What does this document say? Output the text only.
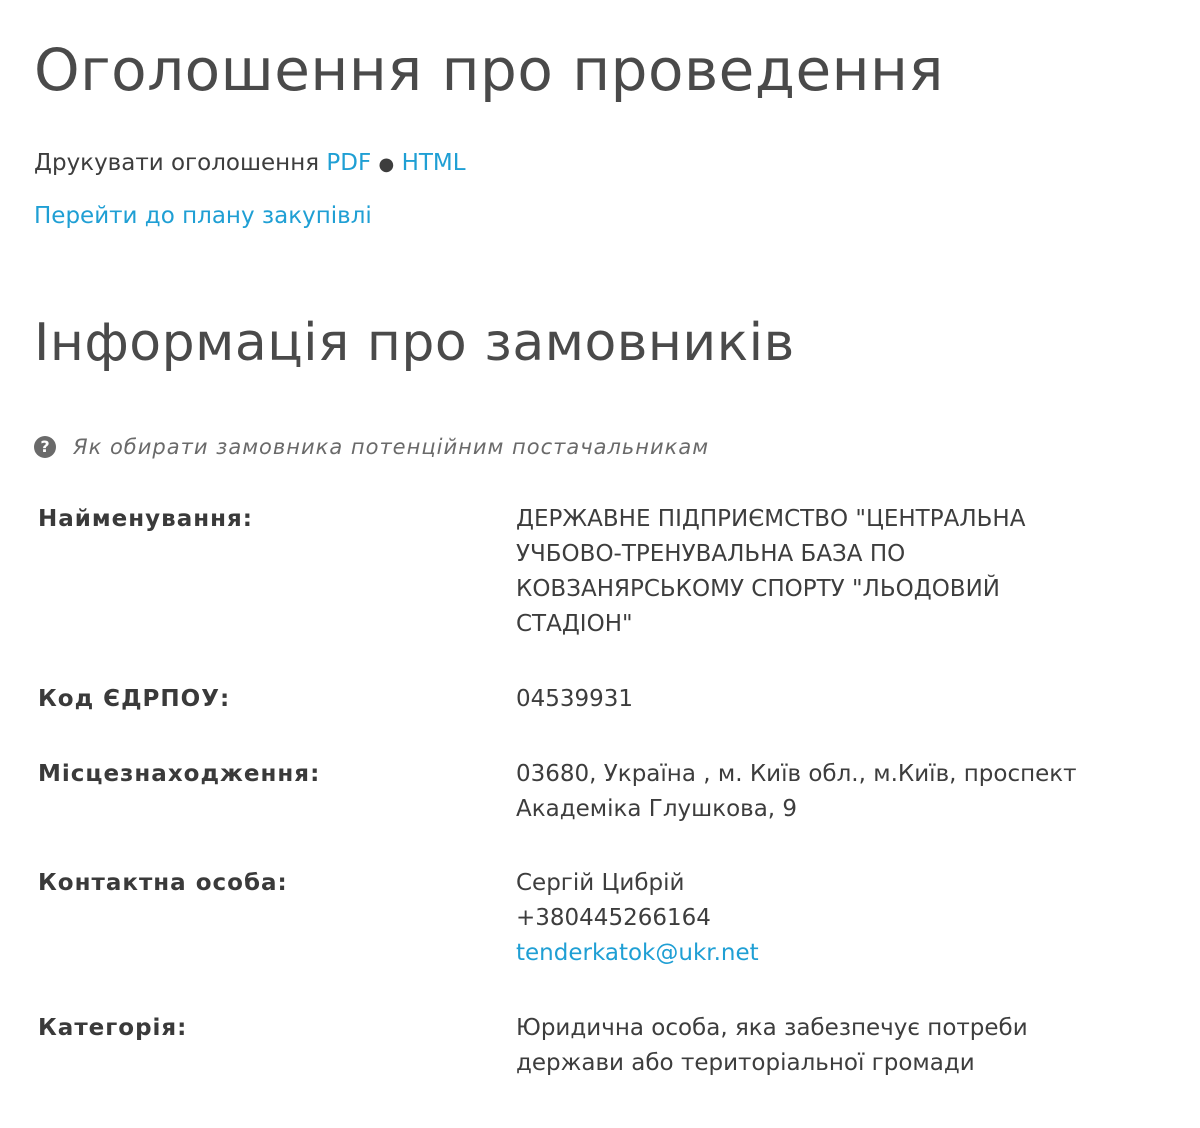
Оголошення про проведення
Друкувати оголошення PDF ● HTML
Перейти до плану закупівлі
Інформація про замовників
?	Як обирати замовника потенційним постачальникам
Найменування:	ДЕРЖАВНЕ ПІДПРИЄМСТВО "ЦЕНТРАЛЬНА
УЧБОВО-ТРЕНУВАЛЬНА БАЗА ПО
КОВЗАНЯРСЬКОМУ СПОРТУ "ЛЬОДОВИЙ
СТАДІОН"
Код ЄДРПОУ:	04539931
Місцезнаходження:	03680, Україна , м. Київ обл., м.Київ, проспект
Академіка Глушкова, 9
Контактна особа:	Сергій Цибрій
+380445266164
tenderkatok@ukr.net
Категорія:	Юридична особа, яка забезпечує потреби
держави або територіальної громади
